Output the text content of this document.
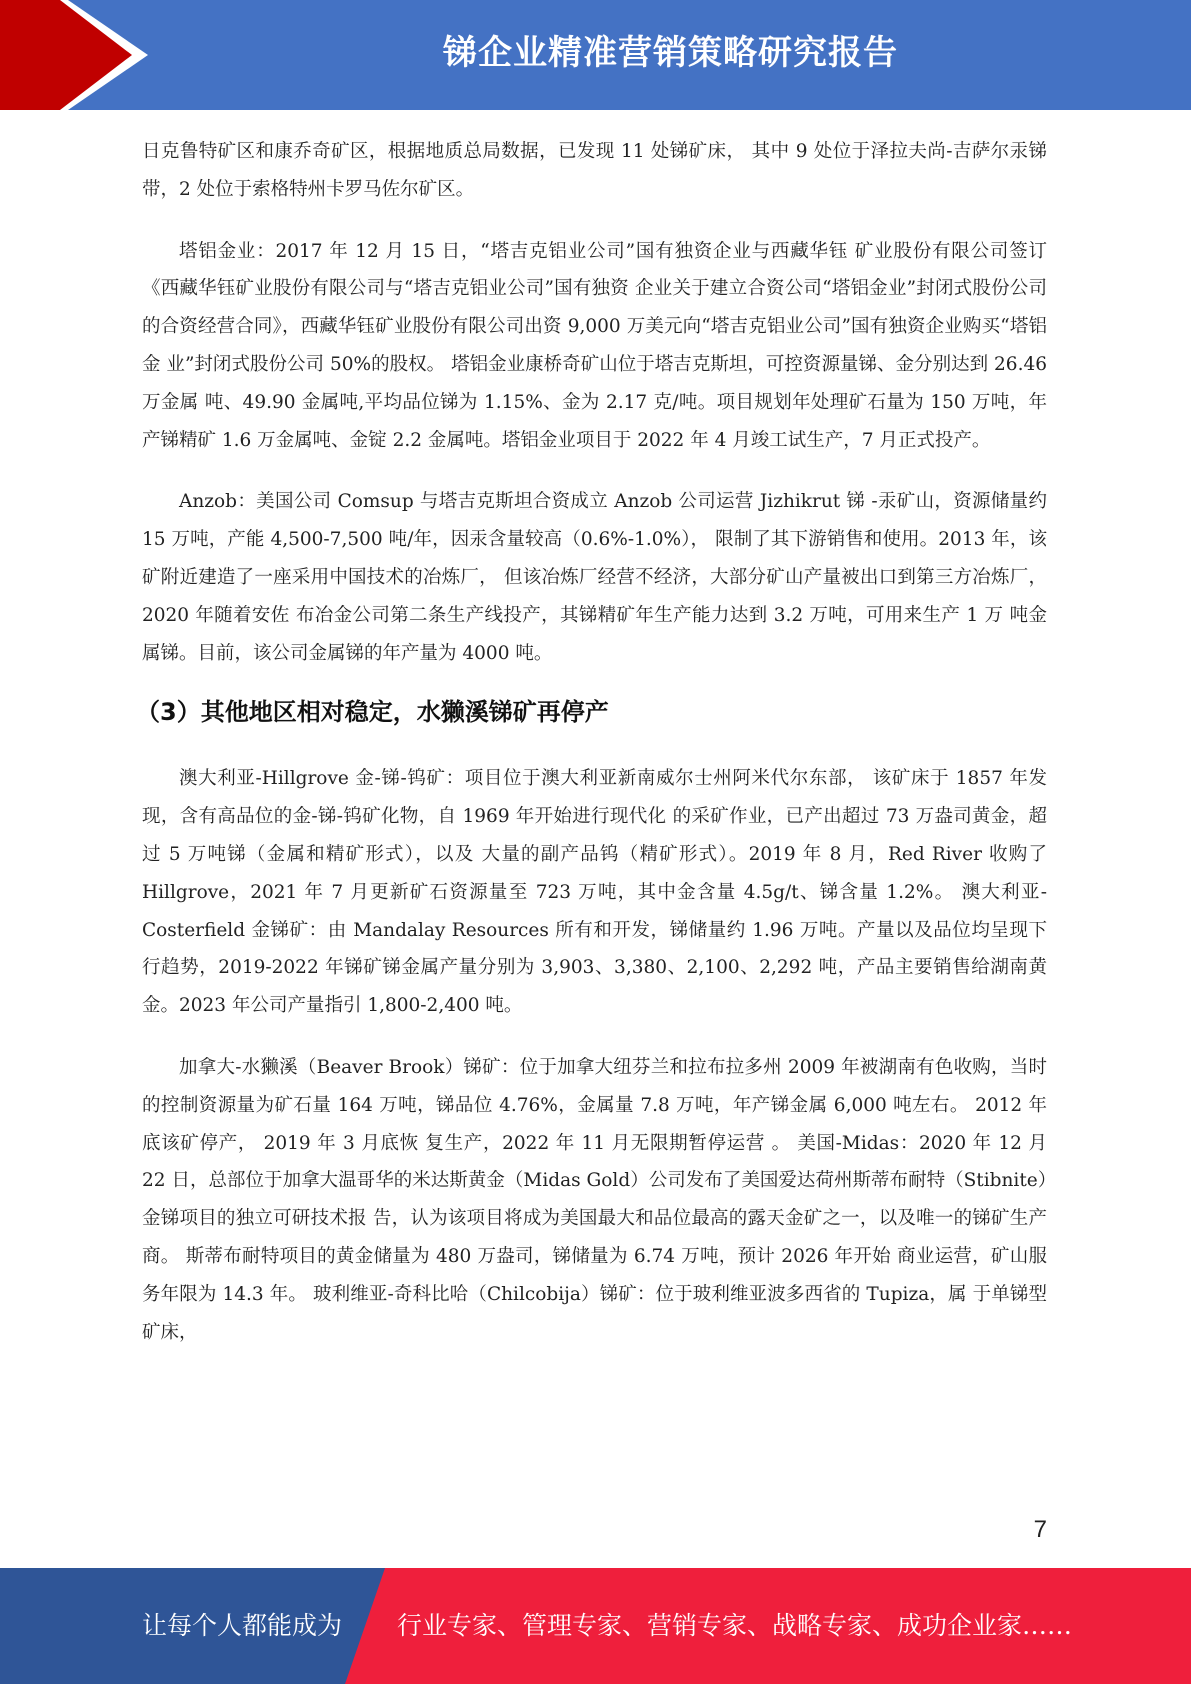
锑企业精准营销策略研究报告

日克鲁特矿区和康乔奇矿区，根据地质总局数据，已发现 11 处锑矿床， 其中 9 处位于泽拉夫尚-吉萨尔汞锑带，2 处位于索格特州卡罗马佐尔矿区。

塔铝金业：2017 年 12 月 15 日，“塔吉克铝业公司”国有独资企业与西藏华钰 矿业股份有限公司签订《西藏华钰矿业股份有限公司与“塔吉克铝业公司”国有独资 企业关于建立合资公司“塔铝金业”封闭式股份公司的合资经营合同》，西藏华钰矿业股份有限公司出资 9,000 万美元向“塔吉克铝业公司”国有独资企业购买“塔铝金 业”封闭式股份公司 50%的股权。 塔铝金业康桥奇矿山位于塔吉克斯坦，可控资源量锑、金分别达到 26.46 万金属 吨、49.90 金属吨,平均品位锑为 1.15%、金为 2.17 克/吨。项目规划年处理矿石量为 150 万吨，年产锑精矿 1.6 万金属吨、金锭 2.2 金属吨。塔铝金业项目于 2022 年 4 月竣工试生产，7 月正式投产。

Anzob：美国公司 Comsup 与塔吉克斯坦合资成立 Anzob 公司运营 Jizhikrut 锑 -汞矿山，资源储量约 15 万吨，产能 4,500-7,500 吨/年，因汞含量较高（0.6%-1.0%）， 限制了其下游销售和使用。2013 年，该矿附近建造了一座采用中国技术的冶炼厂， 但该冶炼厂经营不经济，大部分矿山产量被出口到第三方冶炼厂，2020 年随着安佐 布冶金公司第二条生产线投产，其锑精矿年生产能力达到 3.2 万吨，可用来生产 1 万 吨金属锑。目前，该公司金属锑的年产量为 4000 吨。

（3）其他地区相对稳定，水獭溪锑矿再停产

澳大利亚-Hillgrove 金-锑-钨矿：项目位于澳大利亚新南威尔士州阿米代尔东部， 该矿床于 1857 年发现，含有高品位的金-锑-钨矿化物，自 1969 年开始进行现代化 的采矿作业，已产出超过 73 万盎司黄金，超过 5 万吨锑（金属和精矿形式），以及 大量的副产品钨（精矿形式）。2019 年 8 月，Red River 收购了 Hillgrove，2021 年 7 月更新矿石资源量至 723 万吨，其中金含量 4.5g/t、锑含量 1.2%。 澳大利亚-Costerfield 金锑矿：由 Mandalay Resources 所有和开发，锑储量约 1.96 万吨。产量以及品位均呈现下行趋势，2019-2022 年锑矿锑金属产量分别为 3,903、3,380、2,100、2,292 吨，产品主要销售给湖南黄金。2023 年公司产量指引 1,800-2,400 吨。

加拿大-水獭溪（Beaver Brook）锑矿：位于加拿大纽芬兰和拉布拉多州 2009 年被湖南有色收购，当时的控制资源量为矿石量 164 万吨，锑品位 4.76%，金属量 7.8 万吨，年产锑金属 6,000 吨左右。 2012 年底该矿停产， 2019 年 3 月底恢 复生产，2022 年 11 月无限期暂停运营 。 美国-Midas：2020 年 12 月 22 日，总部位于加拿大温哥华的米达斯黄金（Midas Gold）公司发布了美国爱达荷州斯蒂布耐特（Stibnite）金锑项目的独立可研技术报 告，认为该项目将成为美国最大和品位最高的露天金矿之一，以及唯一的锑矿生产商。 斯蒂布耐特项目的黄金储量为 480 万盎司，锑储量为 6.74 万吨，预计 2026 年开始 商业运营，矿山服务年限为 14.3 年。 玻利维亚-奇科比哈（Chilcobija）锑矿：位于玻利维亚波多西省的 Tupiza，属 于单锑型矿床，

7
让每个人都能成为 行业专家、管理专家、营销专家、战略专家、成功企业家……
